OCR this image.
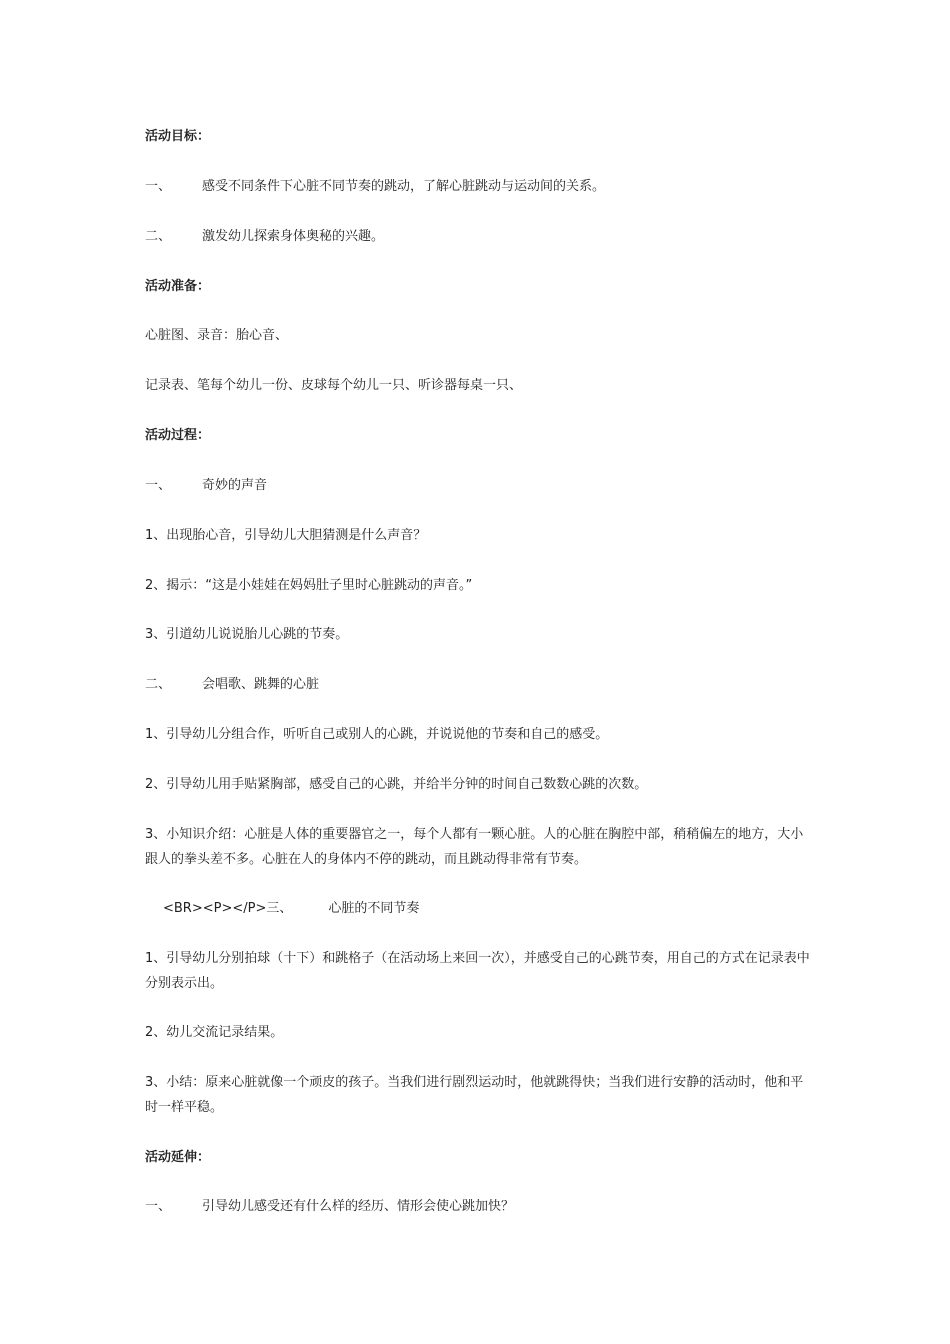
活动目标：
一、 感受不同条件下心脏不同节奏的跳动，了解心脏跳动与运动间的关系。
二、 激发幼儿探索身体奥秘的兴趣。
活动准备：
心脏图、录音：胎心音、
记录表、笔每个幼儿一份、皮球每个幼儿一只、听诊器每桌一只、
活动过程：
一、 奇妙的声音
1、出现胎心音，引导幼儿大胆猜测是什么声音？
2、揭示：“这是小娃娃在妈妈肚子里时心脏跳动的声音。”
3、引道幼儿说说胎儿心跳的节奏。
二、 会唱歌、跳舞的心脏
1、引导幼儿分组合作，听听自己或别人的心跳，并说说他的节奏和自己的感受。
2、引导幼儿用手贴紧胸部，感受自己的心跳，并给半分钟的时间自己数数心跳的次数。
3、小知识介绍：心脏是人体的重要器官之一，每个人都有一颗心脏。人的心脏在胸腔中部，稍稍偏左的地方，大小跟人的拳头差不多。心脏在人的身体内不停的跳动，而且跳动得非常有节奏。
<BR><P></P>三、	心脏的不同节奏
1、引导幼儿分别拍球（十下）和跳格子（在活动场上来回一次），并感受自己的心跳节奏，用自己的方式在记录表中分别表示出。
2、幼儿交流记录结果。
3、小结：原来心脏就像一个顽皮的孩子。当我们进行剧烈运动时，他就跳得快；当我们进行安静的活动时，他和平时一样平稳。
活动延伸：
一、 引导幼儿感受还有什么样的经历、情形会使心跳加快？
